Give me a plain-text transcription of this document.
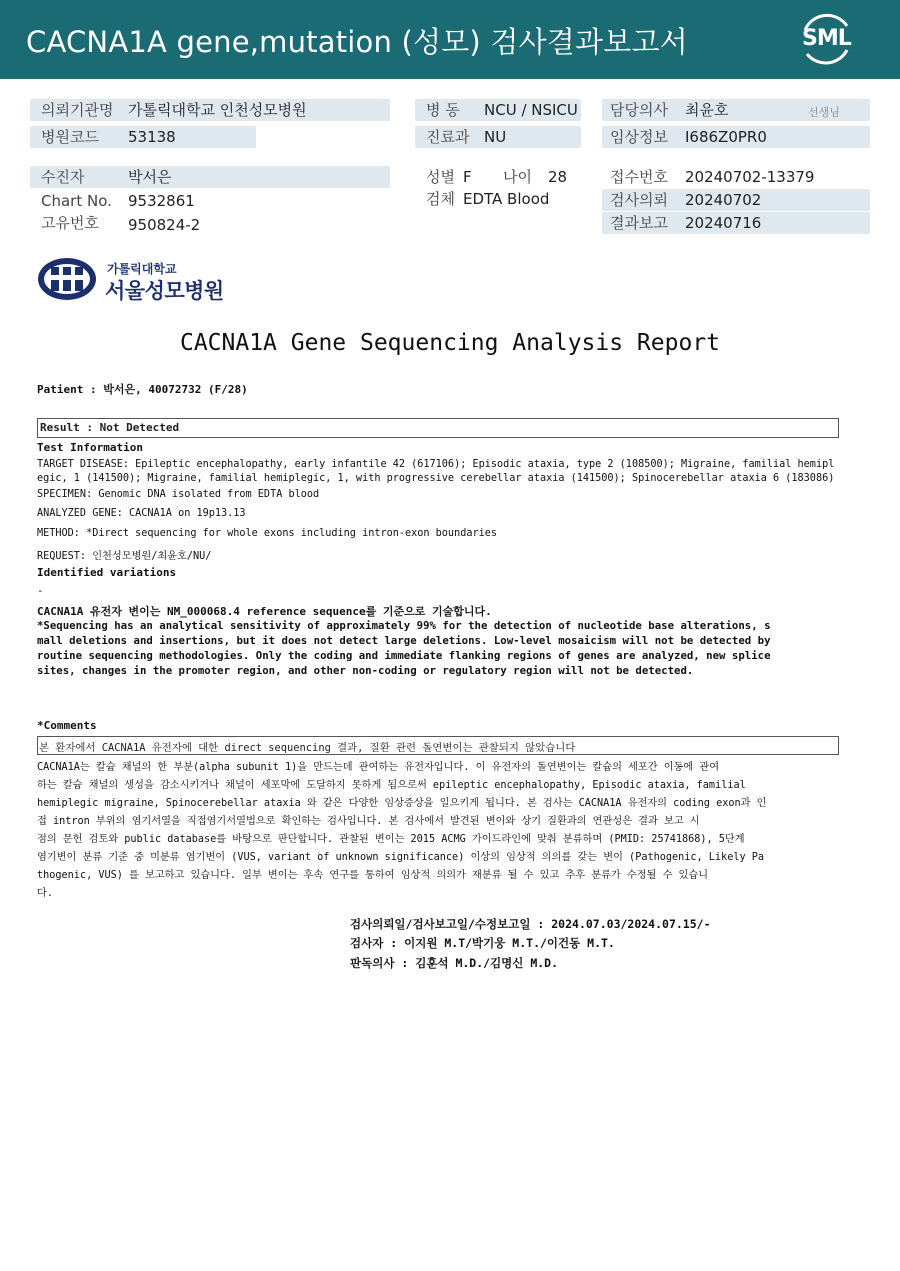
CACNA1A gene,mutation (성모) 검사결과보고서	SML
의뢰기관명 가톨릭대학교 인천성모병원
병원코드 53138
수진자	박서은
Chart No. 9532861
고유번호 950824-2
병 동 NCU / NSICU
진료과 NU
성별 F 나이 28
검체 EDTA Blood
담당의사 최윤호	선생님
임상정보 I686Z0PR0
접수번호 20240702-13379
검사의뢰 20240702
결과보고 20240716
가톨릭대학교
서울성모병원
CACNA1A Gene Sequencing Analysis Report
Patient : 박서은, 40072732 (F/28)
Result : Not Detected
Test Information
TARGET DISEASE: Epileptic encephalopathy, early infantile 42 (617106); Episodic ataxia, type 2 (108500); Migraine, familial hemipl
egic, 1 (141500); Migraine, familial hemiplegic, 1, with progressive cerebellar ataxia (141500); Spinocerebellar ataxia 6 (183086)
SPECIMEN: Genomic DNA isolated from EDTA blood
ANALYZED GENE: CACNA1A on 19p13.13
METHOD: *Direct sequencing for whole exons including intron-exon boundaries
REQUEST: 인천성모병원/최윤호/NU/
Identified variations
-
CACNA1A 유전자 변이는 NM_000068.4 reference sequence를 기준으로 기술합니다.
*Sequencing has an analytical sensitivity of approximately 99% for the detection of nucleotide base alterations, s
mall deletions and insertions, but it does not detect large deletions. Low-level mosaicism will not be detected by
routine sequencing methodologies. Only the coding and immediate flanking regions of genes are analyzed, new splice
sites, changes in the promoter region, and other non-coding or regulatory region will not be detected.
*Comments
본 환자에서 CACNA1A 유전자에 대한 direct sequencing 결과, 질환 관련 돌연변이는 관찰되지 않았습니다
CACNA1A는 칼슘 채널의 한 부분(alpha subunit 1)을 만드는데 관여하는 유전자입니다. 이 유전자의 돌연변이는 칼슘의 세포간 이동에 관여
하는 칼슘 채널의 생성을 감소시키거나 채널이 세포막에 도달하지 못하게 됨으로써 epileptic encephalopathy, Episodic ataxia, familial
hemiplegic migraine, Spinocerebellar ataxia 와 같은 다양한 임상증상을 일으키게 됩니다. 본 검사는 CACNA1A 유전자의 coding exon과 인
접 intron 부위의 염기서열을 직접염기서열법으로 확인하는 검사입니다. 본 검사에서 발견된 변이와 상기 질환과의 연관성은 결과 보고 시
점의 문헌 검토와 public database를 바탕으로 판단합니다. 관찰된 변이는 2015 ACMG 가이드라인에 맞춰 분류하며 (PMID: 25741868), 5단계
염기변이 분류 기준 중 미분류 염기변이 (VUS, variant of unknown significance) 이상의 임상적 의의를 갖는 변이 (Pathogenic, Likely Pa
thogenic, VUS) 를 보고하고 있습니다. 일부 변이는 후속 연구를 통하여 임상적 의의가 재분류 될 수 있고 추후 분류가 수정될 수 있습니
다.
검사의뢰일/검사보고일/수정보고일 : 2024.07.03/2024.07.15/-
검사자 : 이지원 M.T/박기웅 M.T./이건동 M.T.
판독의사 : 김훈석 M.D./김명신 M.D.
